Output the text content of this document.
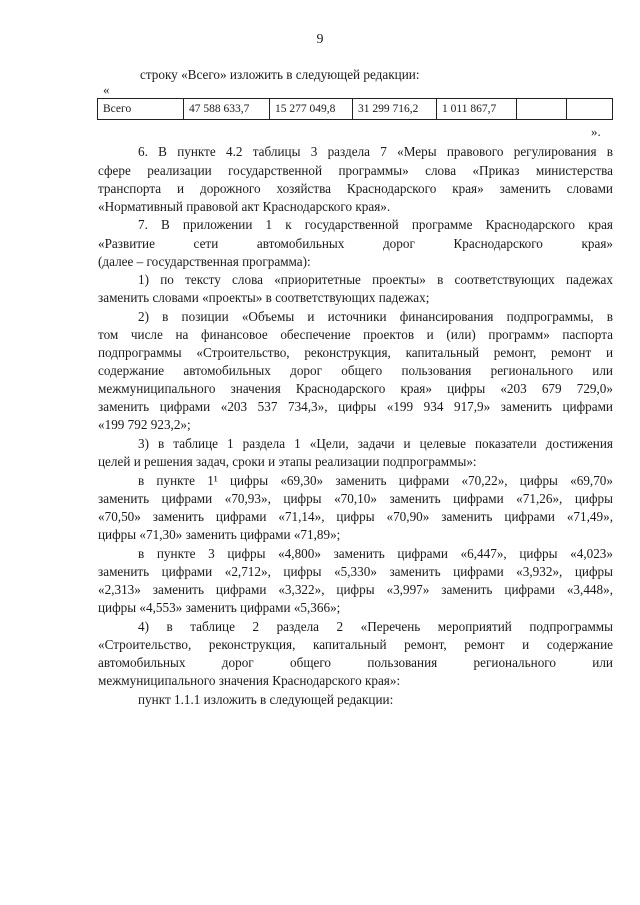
9
строку «Всего» изложить в следующей редакции:
«
Всего	47 588 633,7	15 277 049,8	31 299 716,2	1 011 867,7		
».
6. В пункте 4.2 таблицы 3 раздела 7 «Меры правового регулирования в
сфере реализации государственной программы» слова «Приказ министерства
транспорта и дорожного хозяйства Краснодарского края» заменить словами
«Нормативный правовой акт Краснодарского края».
7. В приложении 1 к государственной программе Краснодарского края
«Развитие сети автомобильных дорог Краснодарского края»
(далее – государственная программа):
1) по тексту слова «приоритетные проекты» в соответствующих падежах
заменить словами «проекты» в соответствующих падежах;
2) в позиции «Объемы и источники финансирования подпрограммы, в
том числе на финансовое обеспечение проектов и (или) программ» паспорта
подпрограммы «Строительство, реконструкция, капитальный ремонт, ремонт и
содержание автомобильных дорог общего пользования регионального или
межмуниципального значения Краснодарского края» цифры «203 679 729,0»
заменить цифрами «203 537 734,3», цифры «199 934 917,9» заменить цифрами
«199 792 923,2»;
3) в таблице 1 раздела 1 «Цели, задачи и целевые показатели достижения
целей и решения задач, сроки и этапы реализации подпрограммы»:
в пункте 1¹ цифры «69,30» заменить цифрами «70,22», цифры «69,70»
заменить цифрами «70,93», цифры «70,10» заменить цифрами «71,26», цифры
«70,50» заменить цифрами «71,14», цифры «70,90» заменить цифрами «71,49»,
цифры «71,30» заменить цифрами «71,89»;
в пункте 3 цифры «4,800» заменить цифрами «6,447», цифры «4,023»
заменить цифрами «2,712», цифры «5,330» заменить цифрами «3,932», цифры
«2,313» заменить цифрами «3,322», цифры «3,997» заменить цифрами «3,448»,
цифры «4,553» заменить цифрами «5,366»;
4) в таблице 2 раздела 2 «Перечень мероприятий подпрограммы
«Строительство, реконструкция, капитальный ремонт, ремонт и содержание
автомобильных дорог общего пользования регионального или
межмуниципального значения Краснодарского края»:
пункт 1.1.1 изложить в следующей редакции:
